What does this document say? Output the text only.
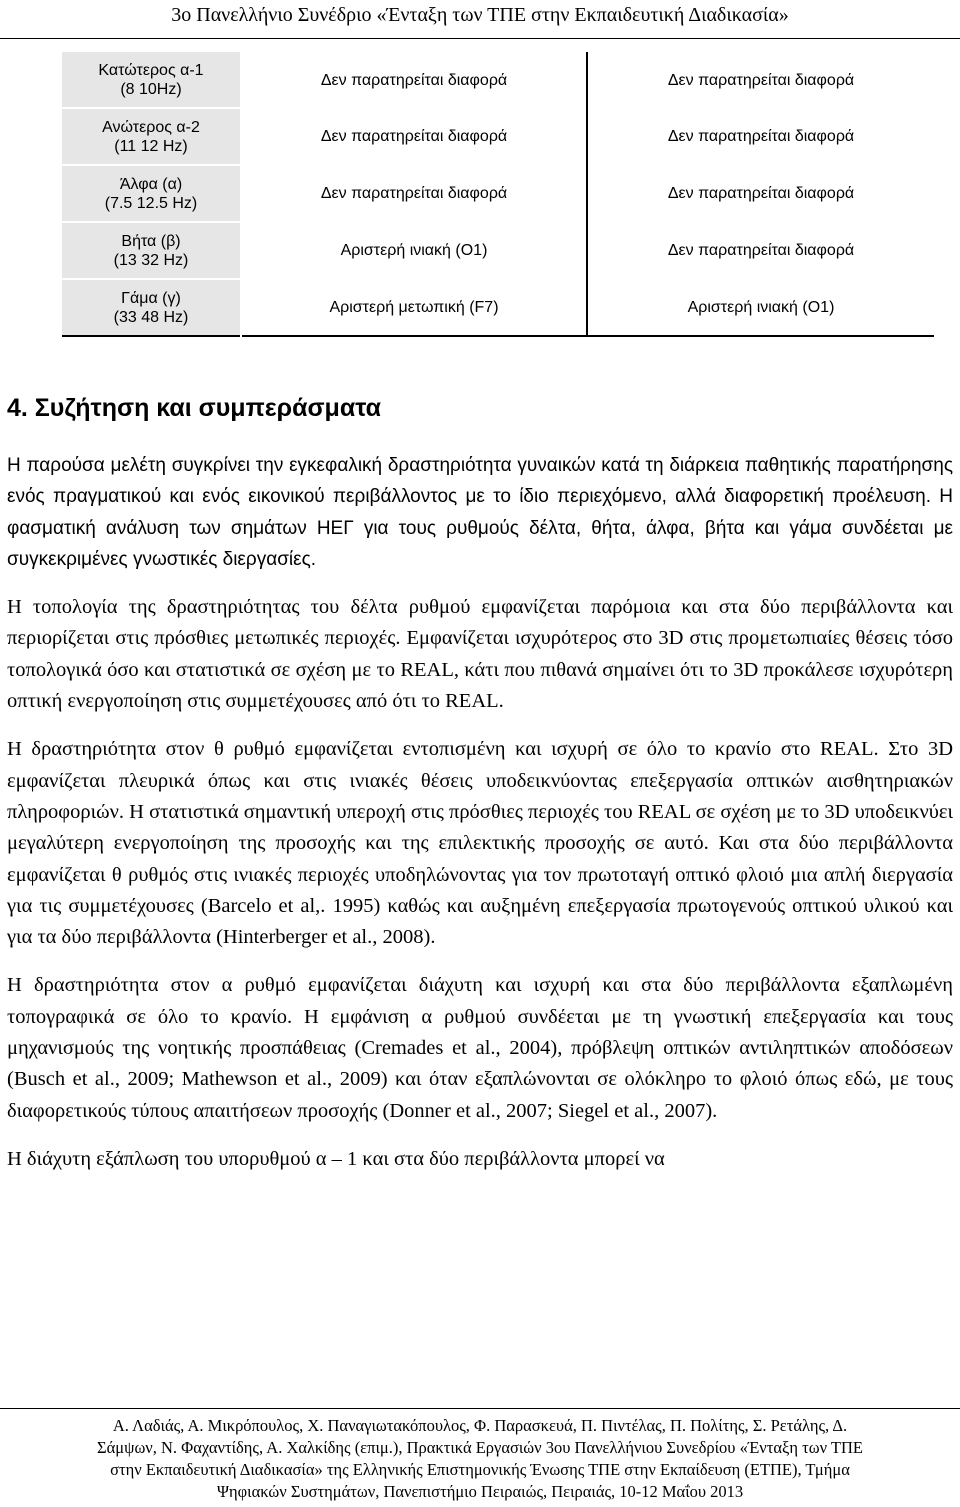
3ο Πανελλήνιο Συνέδριο «Ένταξη των ΤΠΕ στην Εκπαιδευτική Διαδικασία»
Κατώτερος α-1
(8 10Hz)	Δεν παρατηρείται διαφορά	Δεν παρατηρείται διαφορά
Ανώτερος α-2
(11 12 Hz)	Δεν παρατηρείται διαφορά	Δεν παρατηρείται διαφορά
Άλφα (α)
(7.5 12.5 Hz)	Δεν παρατηρείται διαφορά	Δεν παρατηρείται διαφορά
Βήτα (β)
(13 32 Hz)	Αριστερή ινιακή (O1)	Δεν παρατηρείται διαφορά
Γάμα (γ)
(33 48 Hz)	Αριστερή μετωπική (F7)	Αριστερή ινιακή (O1)
4. Συζήτηση και συμπεράσματα

Η παρούσα μελέτη συγκρίνει την εγκεφαλική δραστηριότητα γυναικών κατά τη διάρκεια παθητικής παρατήρησης ενός πραγματικού και ενός εικονικού περιβάλλοντος με το ίδιο περιεχόμενο, αλλά διαφορετική προέλευση. Η φασματική ανάλυση των σημάτων ΗΕΓ για τους ρυθμούς δέλτα, θήτα, άλφα, βήτα και γάμα συνδέεται με συγκεκριμένες γνωστικές διεργασίες.

Η τοπολογία της δραστηριότητας του δέλτα ρυθμού εμφανίζεται παρόμοια και στα δύο περιβάλλοντα και περιορίζεται στις πρόσθιες μετωπικές περιοχές. Εμφανίζεται ισχυρότερος στο 3D στις προμετωπιαίες θέσεις τόσο τοπολογικά όσο και στατιστικά σε σχέση με το REAL, κάτι που πιθανά σημαίνει ότι το 3D προκάλεσε ισχυρότερη οπτική ενεργοποίηση στις συμμετέχουσες από ότι το REAL.

Η δραστηριότητα στον θ ρυθμό εμφανίζεται εντοπισμένη και ισχυρή σε όλο το κρανίο στο REAL. Στο 3D εμφανίζεται πλευρικά όπως και στις ινιακές θέσεις υποδεικνύοντας επεξεργασία οπτικών αισθητηριακών πληροφοριών. Η στατιστικά σημαντική υπεροχή στις πρόσθιες περιοχές του REAL σε σχέση με το 3D υποδεικνύει μεγαλύτερη ενεργοποίηση της προσοχής και της επιλεκτικής προσοχής σε αυτό. Και στα δύο περιβάλλοντα εμφανίζεται θ ρυθμός στις ινιακές περιοχές υποδηλώνοντας για τον πρωτοταγή οπτικό φλοιό μια απλή διεργασία για τις συμμετέχουσες (Barcelo et al,. 1995) καθώς και αυξημένη επεξεργασία πρωτογενούς οπτικού υλικού και για τα δύο περιβάλλοντα (Hinterberger et al., 2008).

Η δραστηριότητα στον α ρυθμό εμφανίζεται διάχυτη και ισχυρή και στα δύο περιβάλλοντα εξαπλωμένη τοπογραφικά σε όλο το κρανίο. Η εμφάνιση α ρυθμού συνδέεται με τη γνωστική επεξεργασία και τους μηχανισμούς της νοητικής προσπάθειας (Cremades et al., 2004), πρόβλεψη οπτικών αντιληπτικών αποδόσεων (Busch et al., 2009; Mathewson et al., 2009) και όταν εξαπλώνονται σε ολόκληρο το φλοιό όπως εδώ, με τους διαφορετικούς τύπους απαιτήσεων προσοχής (Donner et al., 2007; Siegel et al., 2007).

Η διάχυτη εξάπλωση του υπορυθμού α – 1 και στα δύο περιβάλλοντα μπορεί να

Α. Λαδιάς, Α. Μικρόπουλος, Χ. Παναγιωτακόπουλος, Φ. Παρασκευά, Π. Πιντέλας, Π. Πολίτης, Σ. Ρετάλης, Δ.
Σάμψων, Ν. Φαχαντίδης, Α. Χαλκίδης (επιμ.), Πρακτικά Εργασιών 3ου Πανελλήνιου Συνεδρίου «Ένταξη των ΤΠΕ
στην Εκπαιδευτική Διαδικασία» της Ελληνικής Επιστημονικής Ένωσης ΤΠΕ στην Εκπαίδευση (ΕΤΠΕ), Τμήμα
Ψηφιακών Συστημάτων, Πανεπιστήμιο Πειραιώς, Πειραιάς, 10-12 Μαΐου 2013
